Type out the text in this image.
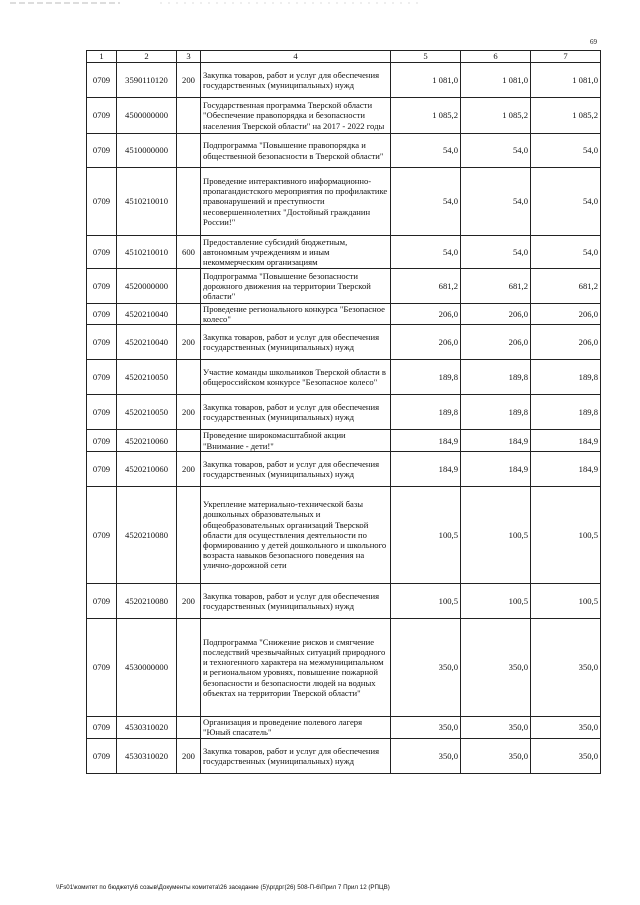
69
1	2	3	4	5	6	7
0709	3590110120	200	Закупка товаров, работ и услуг для обеспечения государственных (муниципальных) нужд	1 081,0	1 081,0	1 081,0
0709	4500000000		Государственная программа Тверской области "Обеспечение правопорядка и безопасности населения Тверской области" на 2017 - 2022 годы	1 085,2	1 085,2	1 085,2
0709	4510000000		Подпрограмма "Повышение правопорядка и общественной безопасности в Тверской области"	54,0	54,0	54,0
0709	4510210010		Проведение интерактивного информационно-пропагандистского мероприятия по профилактике правонарушений и преступности несовершеннолетних "Достойный гражданин России!"	54,0	54,0	54,0
0709	4510210010	600	Предоставление субсидий бюджетным, автономным учреждениям и иным некоммерческим организациям	54,0	54,0	54,0
0709	4520000000		Подпрограмма "Повышение безопасности дорожного движения на территории Тверской области"	681,2	681,2	681,2
0709	4520210040		Проведение регионального конкурса "Безопасное колесо"	206,0	206,0	206,0
0709	4520210040	200	Закупка товаров, работ и услуг для обеспечения государственных (муниципальных) нужд	206,0	206,0	206,0
0709	4520210050		Участие команды школьников Тверской области в общероссийском конкурсе "Безопасное колесо"	189,8	189,8	189,8
0709	4520210050	200	Закупка товаров, работ и услуг для обеспечения государственных (муниципальных) нужд	189,8	189,8	189,8
0709	4520210060		Проведение широкомасштабной акции "Внимание - дети!"	184,9	184,9	184,9
0709	4520210060	200	Закупка товаров, работ и услуг для обеспечения государственных (муниципальных) нужд	184,9	184,9	184,9
0709	4520210080		Укрепление материально-технической базы дошкольных образовательных и общеобразовательных организаций Тверской области для осуществления деятельности по формированию у детей дошкольного и школьного возраста навыков безопасного поведения на улично-дорожной сети	100,5	100,5	100,5
0709	4520210080	200	Закупка товаров, работ и услуг для обеспечения государственных (муниципальных) нужд	100,5	100,5	100,5
0709	4530000000		Подпрограмма "Снижение рисков и смягчение последствий чрезвычайных ситуаций природного и техногенного характера на межмуниципальном и региональном уровнях, повышение пожарной безопасности и безопасности людей на водных объектах на территории Тверской области"	350,0	350,0	350,0
0709	4530310020		Организация и проведение полевого лагеря "Юный спасатель"	350,0	350,0	350,0
0709	4530310020	200	Закупка товаров, работ и услуг для обеспечения государственных (муниципальных) нужд	350,0	350,0	350,0
\\Fs01\комитет по бюджету\6 созыв\Документы комитета\26 заседание (5)\ргдрг(26) 508-П-6\Прил 7 Прил 12 (РПЦВ)
